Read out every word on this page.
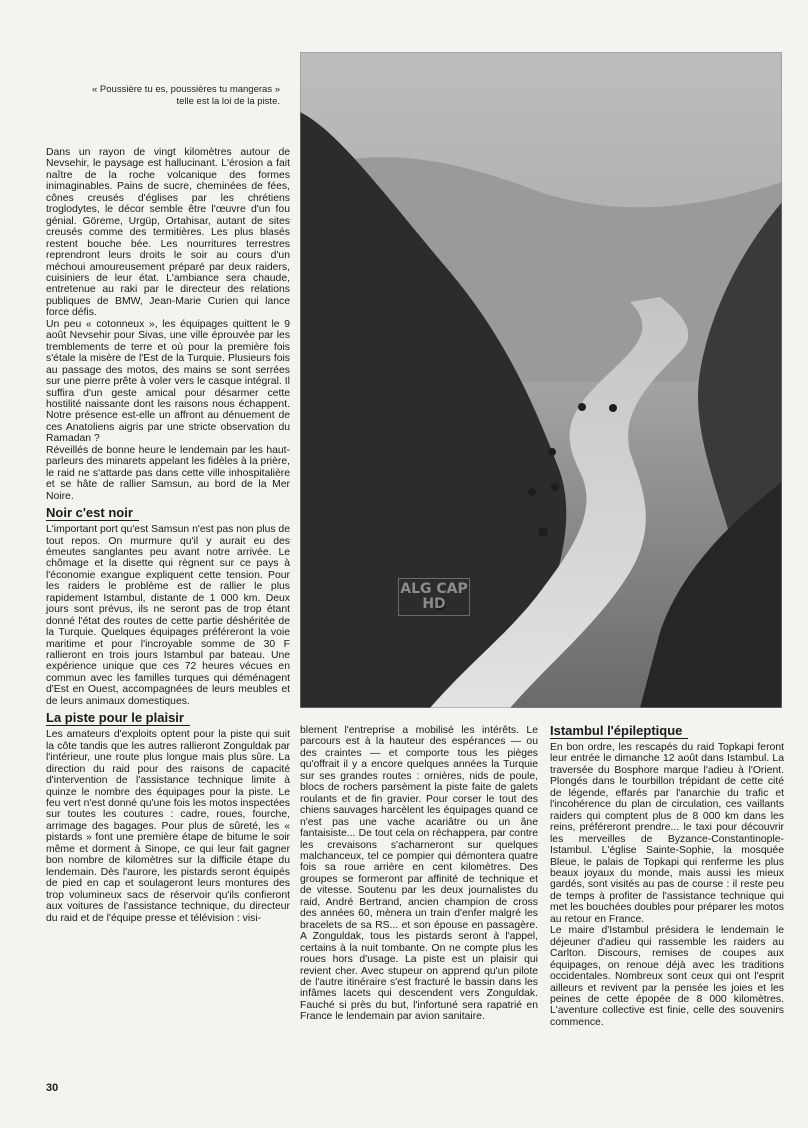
« Poussière tu es, poussières tu mangeras »
telle est la loi de la piste.
ALG CAP HD

Dans un rayon de vingt kilomètres autour de Nevsehir, le paysage est hallucinant. L'érosion a fait naître de la roche volcanique des formes inimaginables. Pains de sucre, cheminées de fées, cônes creusés d'églises par les chrétiens troglodytes, le décor semble être l'œuvre d'un fou génial. Göreme, Urgüp, Ortahisar, autant de sites creusés comme des termitières. Les plus blasés restent bouche bée. Les nourritures terrestres reprendront leurs droits le soir au cours d'un méchoui amoureusement préparé par deux raiders, cuisiniers de leur état. L'ambiance sera chaude, entretenue au raki par le directeur des relations publiques de BMW, Jean-Marie Curien qui lance force défis.

Un peu « cotonneux », les équipages quittent le 9 août Nevsehir pour Sivas, une ville éprouvée par les tremblements de terre et où pour la première fois s'étale la misère de l'Est de la Turquie. Plusieurs fois au passage des motos, des mains se sont serrées sur une pierre prête à voler vers le casque intégral. Il suffira d'un geste amical pour désarmer cette hostilité naissante dont les raisons nous échappent. Notre présence est-elle un affront au dénuement de ces Anatoliens aigris par une stricte observation du Ramadan ?

Réveillés de bonne heure le lendemain par les haut-parleurs des minarets appelant les fidèles à la prière, le raid ne s'attarde pas dans cette ville inhospitalière et se hâte de rallier Samsun, au bord de la Mer Noire.

Noir c'est noir

L'important port qu'est Samsun n'est pas non plus de tout repos. On murmure qu'il y aurait eu des émeutes sanglantes peu avant notre arrivée. Le chômage et la disette qui règnent sur ce pays à l'économie exangue expliquent cette tension. Pour les raiders le problème est de rallier le plus rapidement Istambul, distante de 1 000 km. Deux jours sont prévus, ils ne seront pas de trop étant donné l'état des routes de cette partie déshéritée de la Turquie. Quelques équipages préféreront la voie maritime et pour l'incroyable somme de 30 F rallieront en trois jours Istambul par bateau. Une expérience unique que ces 72 heures vécues en commun avec les familles turques qui déménagent d'Est en Ouest, accompagnées de leurs meubles et de leurs animaux domestiques.

La piste pour le plaisir

Les amateurs d'exploits optent pour la piste qui suit la côte tandis que les autres rallieront Zonguldak par l'intérieur, une route plus longue mais plus sûre. La direction du raid pour des raisons de capacité d'intervention de l'assistance technique limite à quinze le nombre des équipages pour la piste. Le feu vert n'est donné qu'une fois les motos inspectées sur toutes les coutures : cadre, roues, fourche, arrimage des bagages. Pour plus de sûreté, les « pistards » font une première étape de bitume le soir même et dorment à Sinope, ce qui leur fait gagner bon nombre de kilomètres sur la difficile étape du lendemain. Dès l'aurore, les pistards seront équipés de pied en cap et soulageront leurs montures des trop volumineux sacs de réservoir qu'ils confieront aux voitures de l'assistance technique, du directeur du raid et de l'équipe presse et télévision : visi-

blement l'entreprise a mobilisé les intérêts. Le parcours est à la hauteur des espérances — ou des craintes — et comporte tous les pièges qu'offrait il y a encore quelques années la Turquie sur ses grandes routes : ornières, nids de poule, blocs de rochers parsèment la piste faite de galets roulants et de fin gravier. Pour corser le tout des chiens sauvages harcèlent les équipages quand ce n'est pas une vache acariâtre ou un âne fantaisiste... De tout cela on réchappera, par contre les crevaisons s'acharneront sur quelques malchanceux, tel ce pompier qui démontera quatre fois sa roue arrière en cent kilomètres. Des groupes se formeront par affinité de technique et de vitesse. Soutenu par les deux journalistes du raid, André Bertrand, ancien champion de cross des années 60, mènera un train d'enfer malgré les bracelets de sa RS... et son épouse en passagère. A Zonguldak, tous les pistards seront à l'appel, certains à la nuit tombante. On ne compte plus les roues hors d'usage. La piste est un plaisir qui revient cher. Avec stupeur on apprend qu'un pilote de l'autre itinéraire s'est fracturé le bassin dans les infâmes lacets qui descendent vers Zonguldak. Fauché si près du but, l'infortuné sera rapatrié en France le lendemain par avion sanitaire.

Istambul l'épileptique

En bon ordre, les rescapés du raid Topkapi feront leur entrée le dimanche 12 août dans Istambul. La traversée du Bosphore marque l'adieu à l'Orient. Plongés dans le tourbillon trépidant de cette cité de légende, effarés par l'anarchie du trafic et l'incohérence du plan de circulation, ces vaillants raiders qui comptent plus de 8 000 km dans les reins, préféreront prendre... le taxi pour découvrir les merveilles de Byzance-Constantinople-Istambul. L'église Sainte-Sophie, la mosquée Bleue, le palais de Topkapi qui renferme les plus beaux joyaux du monde, mais aussi les mieux gardés, sont visités au pas de course : il reste peu de temps à profiter de l'assistance technique qui met les bouchées doubles pour préparer les motos au retour en France.

Le maire d'Istambul présidera le lendemain le déjeuner d'adieu qui rassemble les raiders au Carlton. Discours, remises de coupes aux équipages, on renoue déjà avec les traditions occidentales. Nombreux sont ceux qui ont l'esprit ailleurs et revivent par la pensée les joies et les peines de cette épopée de 8 000 kilomètres. L'aventure collective est finie, celle des souvenirs commence.

30
